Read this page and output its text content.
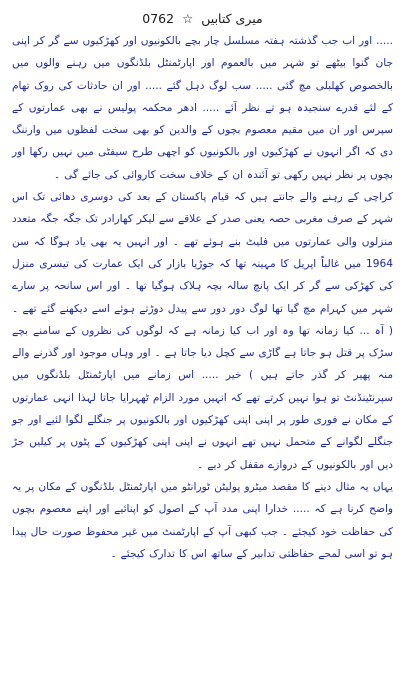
میری کتابیں ☆ 0762

..... اور اب جب گذشتہ ہفتہ مسلسل چار بچے بالکونیوں اور کھڑکیوں سے گر کر اپنی جان گنوا بیٹھے تو شہر میں بالعموم اور اپارٹمنٹل بلڈنگوں میں رہنے والوں میں بالخصوص کھلبلی مچ گئی ..... سب لوگ دہل گئے ..... اور ان حادثات کی روک تھام کے لئے قدرے سنجیدہ ہو تے نظر آئے ..... ادھر محکمہ پولیس نے بھی عمارتوں کے سپرس اور ان میں مقیم معصوم بچوں کے والدین کو بھی سخت لفظوں میں وارننگ دی کہ اگر انہوں نے کھڑکیوں اور بالکونیوں کو اچھی طرح سیفٹی میں نہیں رکھا اور بچوں پر نظر نہیں رکھی تو آئندہ ان کے خلاف سخت کاروائی کی جائے گی ۔

کراچی کے رہنے والے جانتے ہیں کہ قیام پاکستان کے بعد کی دوسری دھائی تک اس شہر کے صرف مغربی حصہ یعنی صدر کے علاقے سے لیکر کھارادر تک جگہ جگہ متعدد منزلوں والی عمارتوں میں فلیٹ بنے ہوئے تھے ۔ اور انہیں یہ بھی یاد ہوگا کہ سن 1964 میں غالباً اپریل کا مہینہ تھا کہ جوڑیا بازار کی ایک عمارت کی تیسری منزل کی کھڑکی سے گر کر ایک پانچ سالہ بچہ ہلاک ہوگیا تھا ۔ اور اس سانحہ پر سارے شہر میں کہرام مچ گیا تھا لوگ دور دور سے پیدل دوڑتے ہوئے اسے دیکھنے گئے تھے ۔ ( آہ ... کیا زمانہ تھا وہ اور اب کیا زمانہ ہے کہ لوگوں کی نظروں کے سامنے بچے سڑک پر قتل ہو جاتا ہے گاڑی سے کچل دیا جاتا ہے ۔ اور وہاں موجود اور گذرنے والے منہ پھیر کر گذر جاتے ہیں ) خیر ..... اس زمانے میں اپارٹمنٹل بلڈنگوں میں سپرنٹینڈنٹ تو ہوا نہیں کرتے تھے کہ انہیں مورد الزام ٹھہرایا جاتا لہذا انہی عمارتوں کے مکان نے فوری طور پر اپنی اپنی کھڑکیوں اور بالکونیوں پر جنگلے لگوا لئیے اور جو جنگلے لگوانے کے متحمل نہیں تھے انہوں نے اپنی اپنی کھڑکیوں کے پٹوں پر کیلیں جڑ دیں اور بالکونیوں کے دروازے مقفل کر دیے ۔

یہاں یہ مثال دینے کا مقصد میٹرو پولیٹن ٹورانٹو میں اپارٹمنٹل بلڈنگوں کے مکان پر یہ واضح کرنا ہے کہ ..... خدارا اپنی مدد آپ کے اصول کو اپنائیے اور اپنے معصوم بچوں کی حفاظت خود کیجئے ۔ جب کبھی آپ کے اپارٹمنٹ میں غیر محفوظ صورت حال پیدا ہو تو اسی لمحے حفاظتی تدابیر کے ساتھ اس کا تدارک کیجئے ۔
